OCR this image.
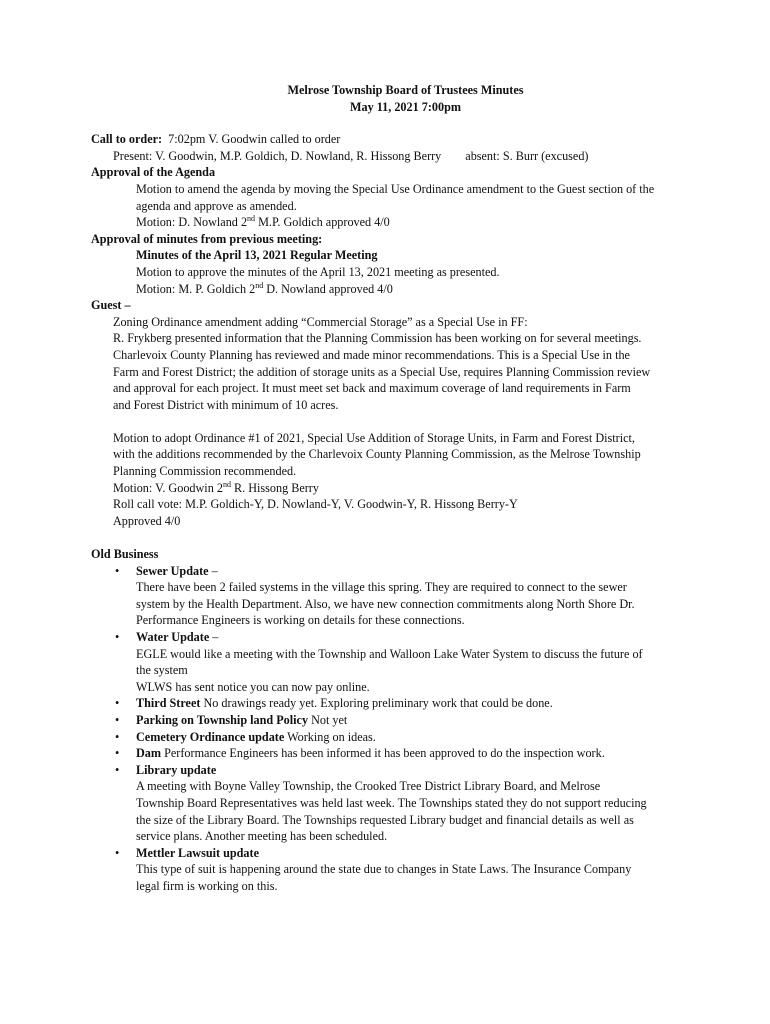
Melrose Township Board of Trustees Minutes
May 11, 2021 7:00pm
Call to order: 7:02pm V. Goodwin called to order
Present: V. Goodwin, M.P. Goldich, D. Nowland, R. Hissong Berry absent: S. Burr (excused)
Approval of the Agenda
Motion to amend the agenda by moving the Special Use Ordinance amendment to the Guest section of the
agenda and approve as amended.
Motion: D. Nowland 2nd M.P. Goldich approved 4/0
Approval of minutes from previous meeting:
Minutes of the April 13, 2021 Regular Meeting
Motion to approve the minutes of the April 13, 2021 meeting as presented.
Motion: M. P. Goldich 2nd D. Nowland approved 4/0
Guest –
Zoning Ordinance amendment adding “Commercial Storage” as a Special Use in FF:
R. Frykberg presented information that the Planning Commission has been working on for several meetings.
Charlevoix County Planning has reviewed and made minor recommendations. This is a Special Use in the
Farm and Forest District; the addition of storage units as a Special Use, requires Planning Commission review
and approval for each project. It must meet set back and maximum coverage of land requirements in Farm
and Forest District with minimum of 10 acres.
Motion to adopt Ordinance #1 of 2021, Special Use Addition of Storage Units, in Farm and Forest District,
with the additions recommended by the Charlevoix County Planning Commission, as the Melrose Township
Planning Commission recommended.
Motion: V. Goodwin 2nd R. Hissong Berry
Roll call vote: M.P. Goldich-Y, D. Nowland-Y, V. Goodwin-Y, R. Hissong Berry-Y
Approved 4/0
Old Business
• Sewer Update –
There have been 2 failed systems in the village this spring. They are required to connect to the sewer
system by the Health Department. Also, we have new connection commitments along North Shore Dr.
Performance Engineers is working on details for these connections.
• Water Update –
EGLE would like a meeting with the Township and Walloon Lake Water System to discuss the future of
the system
WLWS has sent notice you can now pay online.
• Third Street No drawings ready yet. Exploring preliminary work that could be done.
• Parking on Township land Policy Not yet
• Cemetery Ordinance update Working on ideas.
• Dam Performance Engineers has been informed it has been approved to do the inspection work.
• Library update
A meeting with Boyne Valley Township, the Crooked Tree District Library Board, and Melrose
Township Board Representatives was held last week. The Townships stated they do not support reducing
the size of the Library Board. The Townships requested Library budget and financial details as well as
service plans. Another meeting has been scheduled.
• Mettler Lawsuit update
This type of suit is happening around the state due to changes in State Laws. The Insurance Company
legal firm is working on this.
